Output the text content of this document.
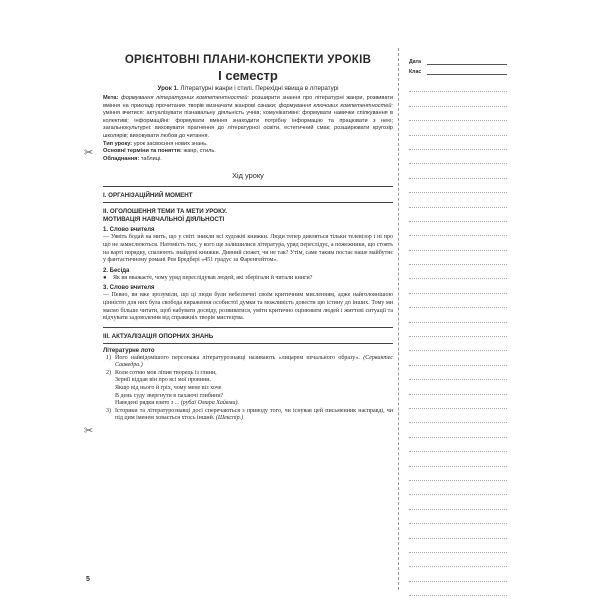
✂
✂
ОРІЄНТОВНІ ПЛАНИ-КОНСПЕКТИ УРОКІВ
І семестр
Урок 1. Літературні жанри і стилі. Перехідні явища в літературі

Мета: формування літературних компетентностей: розширити знання про літературні жанри, розвивати вміння на прикладі прочитаних творів визначати жанрові ознаки; формування ключових компетентностей: уміння вчитися: актуалізувати пізнавальну діяльність учнів; комунікативні: формувати навички спілкування в колективі; інформаційні: формувати вміння знаходити потрібну інформацію та працювати з нею; загальнокультурні: виховувати прагнення до літературної освіти, естетичний смак; розширювати кругозір школярів; виховувати любов до читання.

Тип уроку: урок засвоєння нових знань.

Основні терміни та поняття: жанр, стиль.

Обладнання: таблиці.

Хід уроку
I. ОРГАНІЗАЦІЙНИЙ МОМЕНТ
II. ОГОЛОШЕННЯ ТЕМИ ТА МЕТИ УРОКУ.
МОТИВАЦІЯ НАВЧАЛЬНОЇ ДІЯЛЬНОСТІ
1. Слово вчителя

— Уявіть бодай на мить, що у світі зникли всі художні книжки. Люди тепер дивляться тільки телевізор і ні про що не замислюються. Натомість тих, у кого ще залишилися література, уряд переслідує, а пожежники, що стоять на варті порядку, спалюють знайдені книжки. Дивний сюжет, чи не так? Утім, саме таким постає наше майбутнє у фантастичному романі Рея Бредбері «451 градус за Фаренгейтом».

2. Бесіда
●	Як ви вважаєте, чому уряд переслідував людей, які зберігали й читали книги?

3. Слово вчителя

— Певно, ви вже зрозуміли, що ці люди були небезпечні своїм критичним мисленням, адже найголовнішою цінністю для них була свобода вираження особистої думки та можливість довести цю істину до інших. Тому ми маємо більше читати, щоб набувати досвіду, розвиватися, уміти критично оцінювати людей і життєві ситуації та відчувати задоволення від справжніх творів мистецтва.

III. АКТУАЛІЗАЦІЯ ОПОРНИХ ЗНАНЬ
Літературне лото
1) Його найвідомішого персонажа літературознавці називають «лицарем печального образу». (Сервантес Сааведра.)
2) Коли сотню мов ліпив творець із глини,
Зернії віддав він про всі мої провини.
Якщо від нього й гріх, чому мене віз хоче
В день суду звергнути в пахаючі глибини?
Наведені рядки взято з ... (рубаї Омара Хайяма).
3) Історики та літературознавці досі сперечаються з приводу того, чи існував цей письменник насправді, чи під цим іменем ховається хтось інший. (Шекспір.)
Дата
Клас
5
